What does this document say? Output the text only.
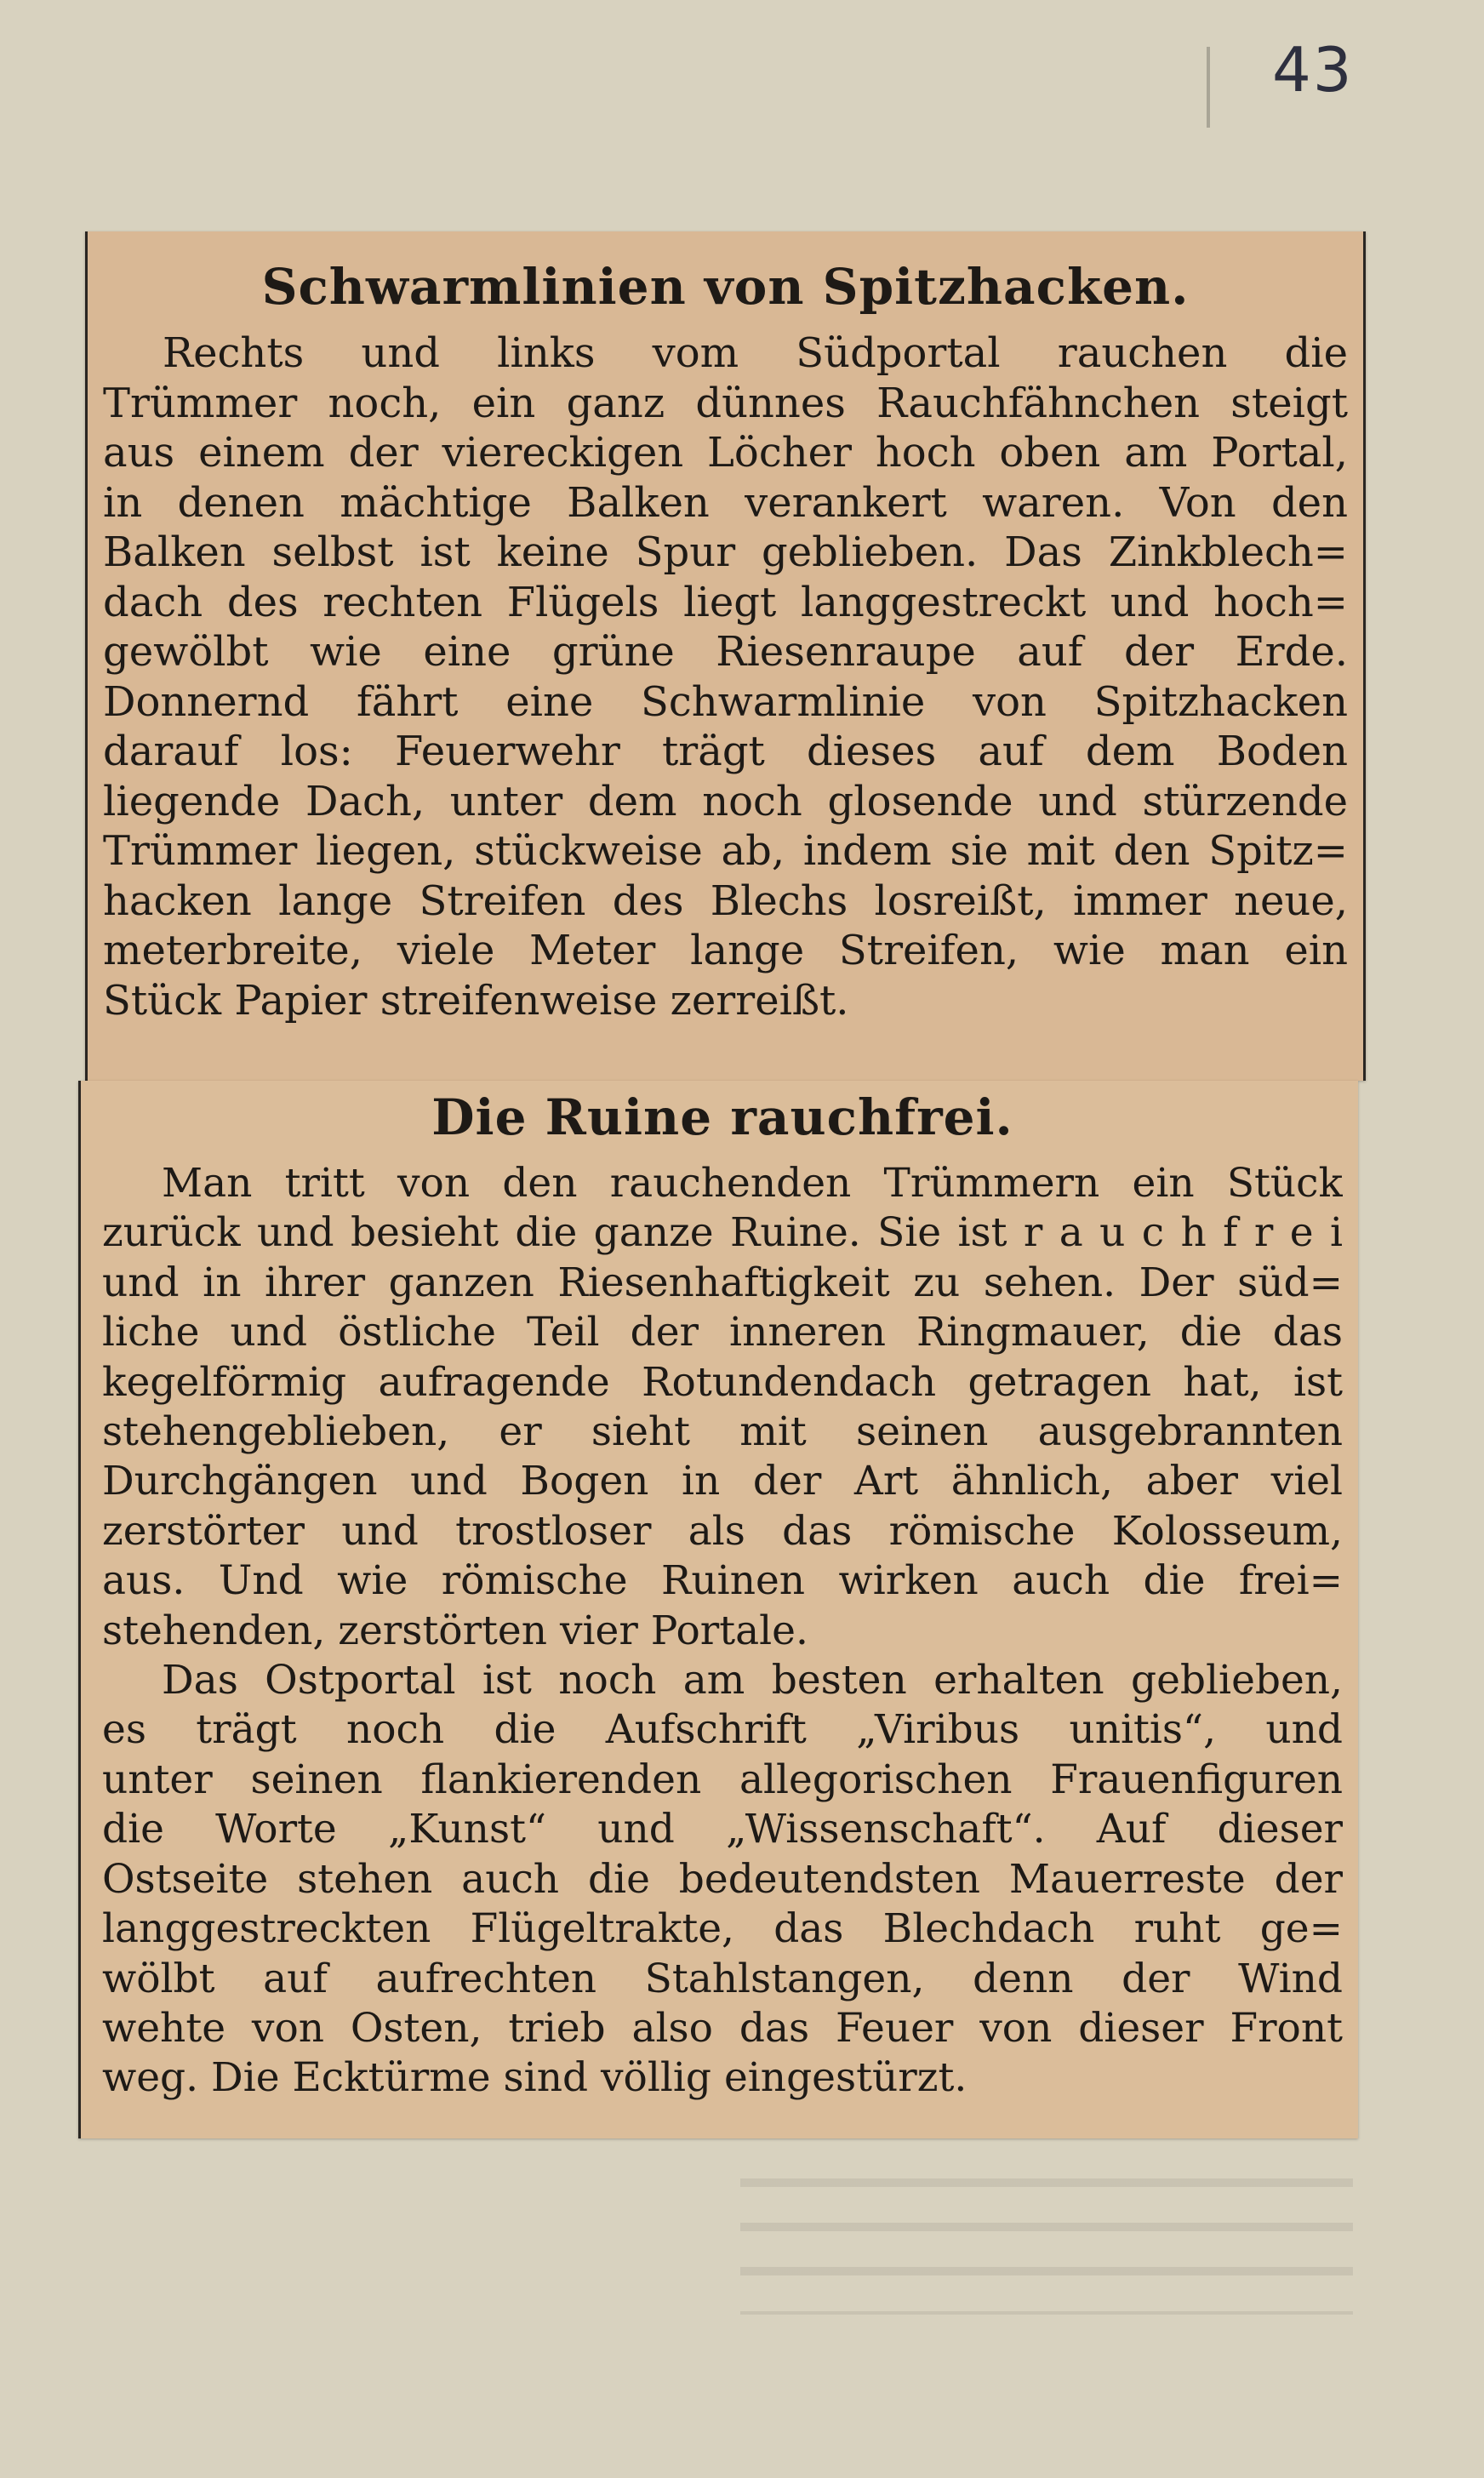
43
Schwarmlinien von Spitzhacken.
Rechts und links vom Südportal rauchen die
Trümmer noch, ein ganz dünnes Rauchfähnchen steigt
aus einem der viereckigen Löcher hoch oben am Portal,
in denen mächtige Balken verankert waren. Von den
Balken selbst ist keine Spur geblieben. Das Zinkblech=
dach des rechten Flügels liegt langgestreckt und hoch=
gewölbt wie eine grüne Riesenraupe auf der Erde.
Donnernd fährt eine Schwarmlinie von Spitzhacken
darauf los: Feuerwehr trägt dieses auf dem Boden
liegende Dach, unter dem noch glosende und stürzende
Trümmer liegen, stückweise ab, indem sie mit den Spitz=
hacken lange Streifen des Blechs losreißt, immer neue,
meterbreite, viele Meter lange Streifen, wie man ein
Stück Papier streifenweise zerreißt.
Die Ruine rauchfrei.
Man tritt von den rauchenden Trümmern ein Stück
zurück und besieht die ganze Ruine. Sie ist r a u c h f r e i
und in ihrer ganzen Riesenhaftigkeit zu sehen. Der süd=
liche und östliche Teil der inneren Ringmauer, die das
kegelförmig aufragende Rotundendach getragen hat, ist
stehengeblieben, er sieht mit seinen ausgebrannten
Durchgängen und Bogen in der Art ähnlich, aber viel
zerstörter und trostloser als das römische Kolosseum,
aus. Und wie römische Ruinen wirken auch die frei=
stehenden, zerstörten vier Portale.
Das Ostportal ist noch am besten erhalten geblieben,
es trägt noch die Aufschrift „Viribus unitis“, und
unter seinen flankierenden allegorischen Frauenfiguren
die Worte „Kunst“ und „Wissenschaft“. Auf dieser
Ostseite stehen auch die bedeutendsten Mauerreste der
langgestreckten Flügeltrakte, das Blechdach ruht ge=
wölbt auf aufrechten Stahlstangen, denn der Wind
wehte von Osten, trieb also das Feuer von dieser Front
weg. Die Ecktürme sind völlig eingestürzt.
